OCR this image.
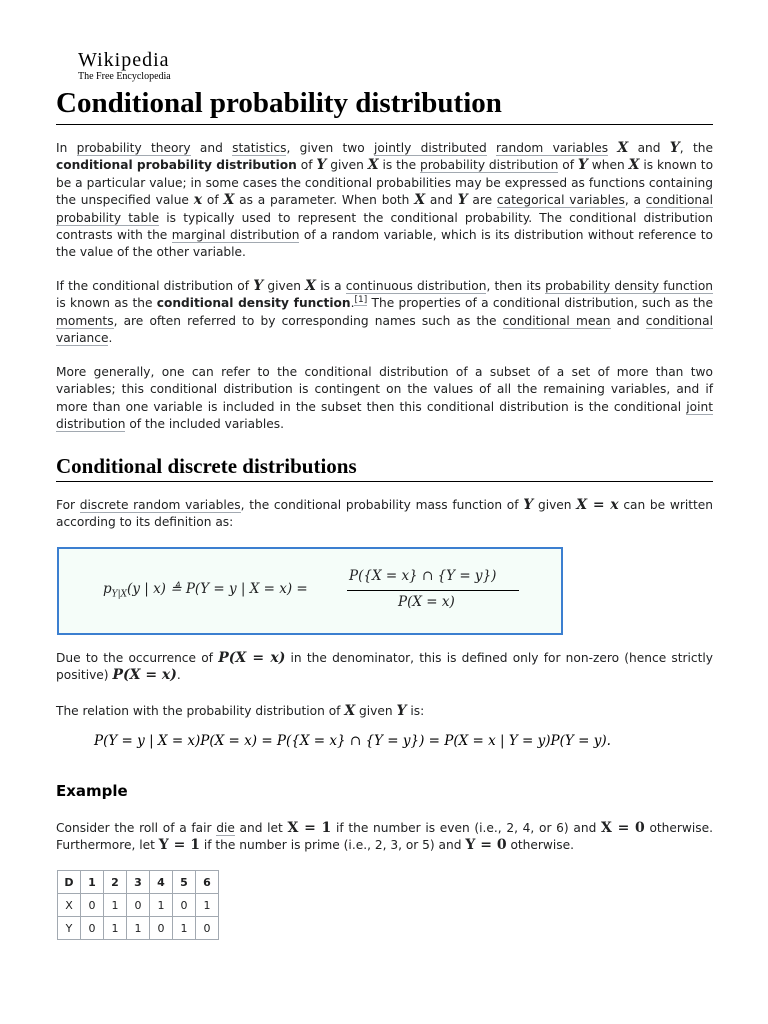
Wikipedia
The Free Encyclopedia
Conditional probability distribution

In probability theory and statistics, given two jointly distributed random variables X and Y, the conditional probability distribution of Y given X is the probability distribution of Y when X is known to be a particular value; in some cases the conditional probabilities may be expressed as functions containing the unspecified value x of X as a parameter. When both X and Y are categorical variables, a conditional probability table is typically used to represent the conditional probability. The conditional distribution contrasts with the marginal distribution of a random variable, which is its distribution without reference to the value of the other variable.

If the conditional distribution of Y given X is a continuous distribution, then its probability density function is known as the conditional density function.[1] The properties of a conditional distribution, such as the moments, are often referred to by corresponding names such as the conditional mean and conditional variance.

More generally, one can refer to the conditional distribution of a subset of a set of more than two variables; this conditional distribution is contingent on the values of all the remaining variables, and if more than one variable is included in the subset then this conditional distribution is the conditional joint distribution of the included variables.

Conditional discrete distributions

For discrete random variables, the conditional probability mass function of Y given X = x can be written according to its definition as:

$p_{Y|X}(y$ | x) ≜ P(Y = y | X = x) =
P({X = x} ∩ {Y = y})
P(X = x)

Due to the occurrence of P(X = x) in the denominator, this is defined only for non-zero (hence strictly positive) P(X = x).

The relation with the probability distribution of X given Y is:

P(Y = y | X = x)P(X = x) = P({X = x} ∩ {Y = y}) = P(X = x | Y = y)P(Y = y).
Example

Consider the roll of a fair die and let X = 1 if the number is even (i.e., 2, 4, or 6) and X = 0 otherwise. Furthermore, let Y = 1 if the number is prime (i.e., 2, 3, or 5) and Y = 0 otherwise.

D	1	2	3	4	5	6
X	0	1	0	1	0	1
Y	0	1	1	0	1	0
